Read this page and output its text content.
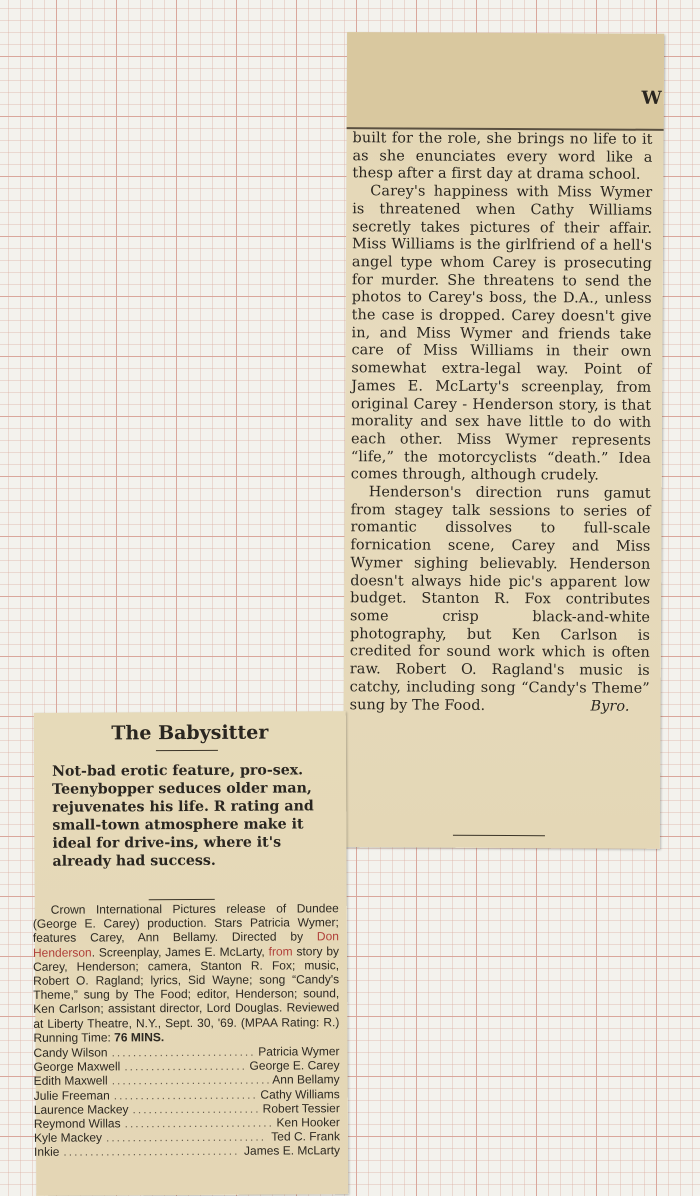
W

built for the role, she brings no life to it as she enunciates every word like a thesp after a first day at drama school.

Carey's happiness with Miss Wymer is threatened when Cathy Williams secretly takes pictures of their affair. Miss Williams is the girlfriend of a hell's angel type whom Carey is prosecuting for murder. She threatens to send the photos to Carey's boss, the D.A., unless the case is dropped. Carey doesn't give in, and Miss Wymer and friends take care of Miss Williams in their own somewhat extra-legal way. Point of James E. McLarty's screenplay, from original Carey - Henderson story, is that morality and sex have little to do with each other. Miss Wymer represents “life,” the motorcyclists “death.” Idea comes through, although crudely.

Henderson's direction runs gamut from stagey talk sessions to series of romantic dissolves to full-scale fornication scene, Carey and Miss Wymer sighing believably. Henderson doesn't always hide pic's apparent low budget. Stanton R. Fox contributes some crisp black-and-white photography, but Ken Carlson is credited for sound work which is often raw. Robert O. Ragland's music is catchy, including song “Candy's Theme” sung by The Food.	Byro.

The Babysitter
Not-bad erotic feature, pro-sex. Teenybopper seduces older man, rejuvenates his life. R rating and small-town atmosphere make it ideal for drive-ins, where it's already had success.
Crown International Pictures release of Dundee (George E. Carey) production. Stars Patricia Wymer; features Carey, Ann Bellamy. Directed by Don Henderson. Screenplay, James E. McLarty, from story by Carey, Henderson; camera, Stanton R. Fox; music, Robert O. Ragland; lyrics, Sid Wayne; song “Candy's Theme,” sung by The Food; editor, Henderson; sound, Ken Carlson; assistant director, Lord Douglas. Reviewed at Liberty Theatre, N.Y., Sept. 30, '69. (MPAA Rating: R.) Running Time: 76 MINS.
Candy Wilson .....	Patricia Wymer
George Maxwell .....	George E. Carey
Edith Maxwell .....	Ann Bellamy
Julie Freeman .....	Cathy Williams
Laurence Mackey .....	Robert Tessier
Reymond Willas .....	Ken Hooker
Kyle Mackey .....	Ted C. Frank
Inkie .....	James E. McLarty
